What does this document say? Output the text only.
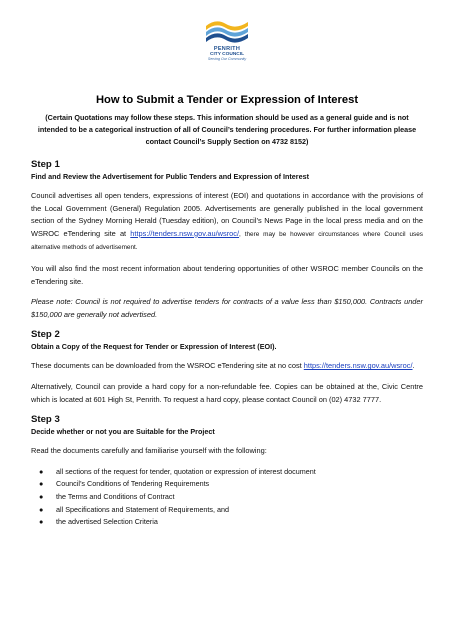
PENRITH
CITY COUNCIL
Serving Our Community
How to Submit a Tender or Expression of Interest
(Certain Quotations may follow these steps. This information should be used as a general guide and is not intended to be a categorical instruction of all of Council’s tendering procedures. For further information please contact Council’s Supply Section on 4732 8152)
Step 1
Find and Review the Advertisement for Public Tenders and Expression of Interest

Council advertises all open tenders, expressions of interest (EOI) and quotations in accordance with the provisions of the Local Government (General) Regulation 2005. Advertisements are generally published in the local government section of the Sydney Morning Herald (Tuesday edition), on Council’s News Page in the local press media and on the WSROC eTendering site at https://tenders.nsw.gov.au/wsroc/, there may be however circumstances where Council uses alternative methods of advertisement.

You will also find the most recent information about tendering opportunities of other WSROC member Councils on the eTendering site.

Please note: Council is not required to advertise tenders for contracts of a value less than $150,000. Contracts under $150,000 are generally not advertised.

Step 2
Obtain a Copy of the Request for Tender or Expression of Interest (EOI).

These documents can be downloaded from the WSROC eTendering site at no cost https://tenders.nsw.gov.au/wsroc/.

Alternatively, Council can provide a hard copy for a non-refundable fee. Copies can be obtained at the, Civic Centre which is located at 601 High St, Penrith. To request a hard copy, please contact Council on (02) 4732 7777.

Step 3
Decide whether or not you are Suitable for the Project

Read the documents carefully and familiarise yourself with the following:

● all sections of the request for tender, quotation or expression of interest document
● Council’s Conditions of Tendering Requirements
● the Terms and Conditions of Contract
● all Specifications and Statement of Requirements, and
● the advertised Selection Criteria
